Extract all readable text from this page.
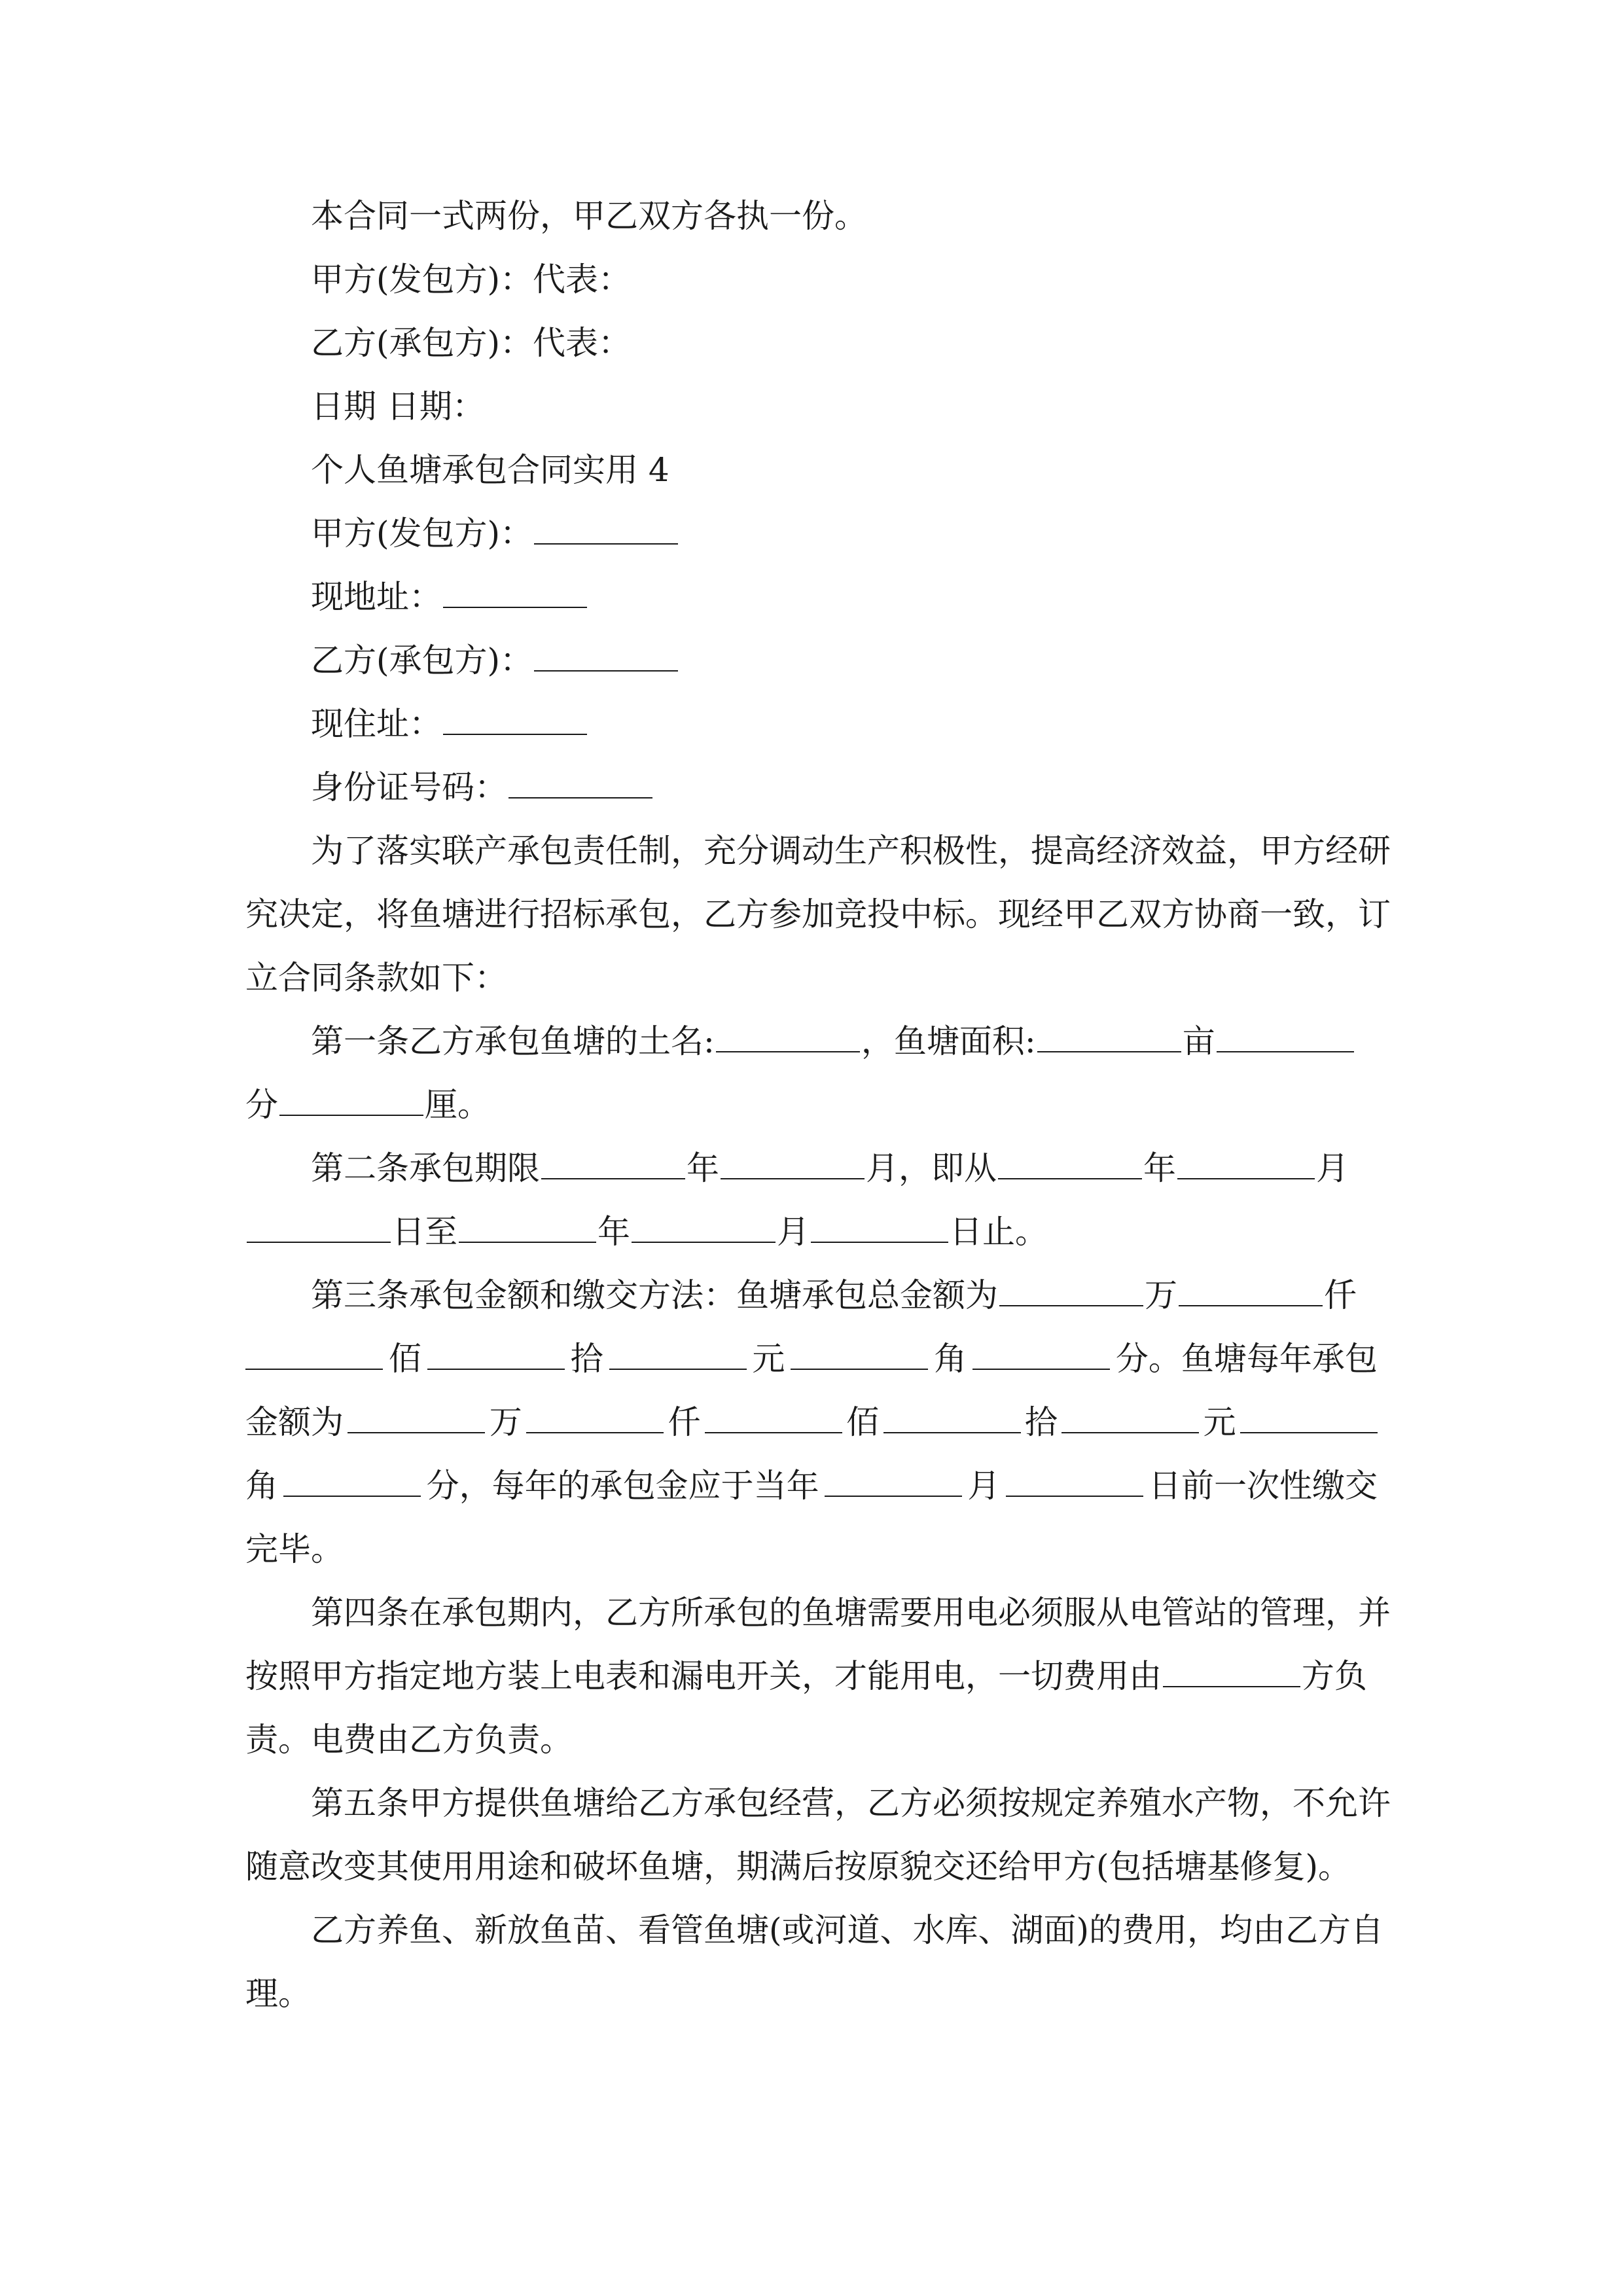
本合同一式两份，甲乙双方各执一份。
甲方(发包方)：代表：
乙方(承包方)：代表：
日期 日期：
个人鱼塘承包合同实用 4
甲方(发包方)：
现地址：
乙方(承包方)：
现住址：
身份证号码：
为了落实联产承包责任制，充分调动生产积极性，提高经济效益，甲方经研
究决定，将鱼塘进行招标承包，乙方参加竞投中标。现经甲乙双方协商一致，订
立合同条款如下：
第一条乙方承包鱼塘的土名:	，鱼塘面积:	亩
分	厘。
第二条承包期限	年	月，即从	年	月
日至	年	月	日止。
第三条承包金额和缴交方法：鱼塘承包总金额为	万	仟
佰	拾	元	角	分。鱼塘每年承包
金额为	万	仟	佰	拾	元
角	分，每年的承包金应于当年	月	日前一次性缴交
完毕。
第四条在承包期内，乙方所承包的鱼塘需要用电必须服从电管站的管理，并
按照甲方指定地方装上电表和漏电开关，才能用电，一切费用由	方负
责。电费由乙方负责。
第五条甲方提供鱼塘给乙方承包经营，乙方必须按规定养殖水产物，不允许
随意改变其使用用途和破坏鱼塘，期满后按原貌交还给甲方(包括塘基修复)。
乙方养鱼、新放鱼苗、看管鱼塘(或河道、水库、湖面)的费用，均由乙方自
理。
